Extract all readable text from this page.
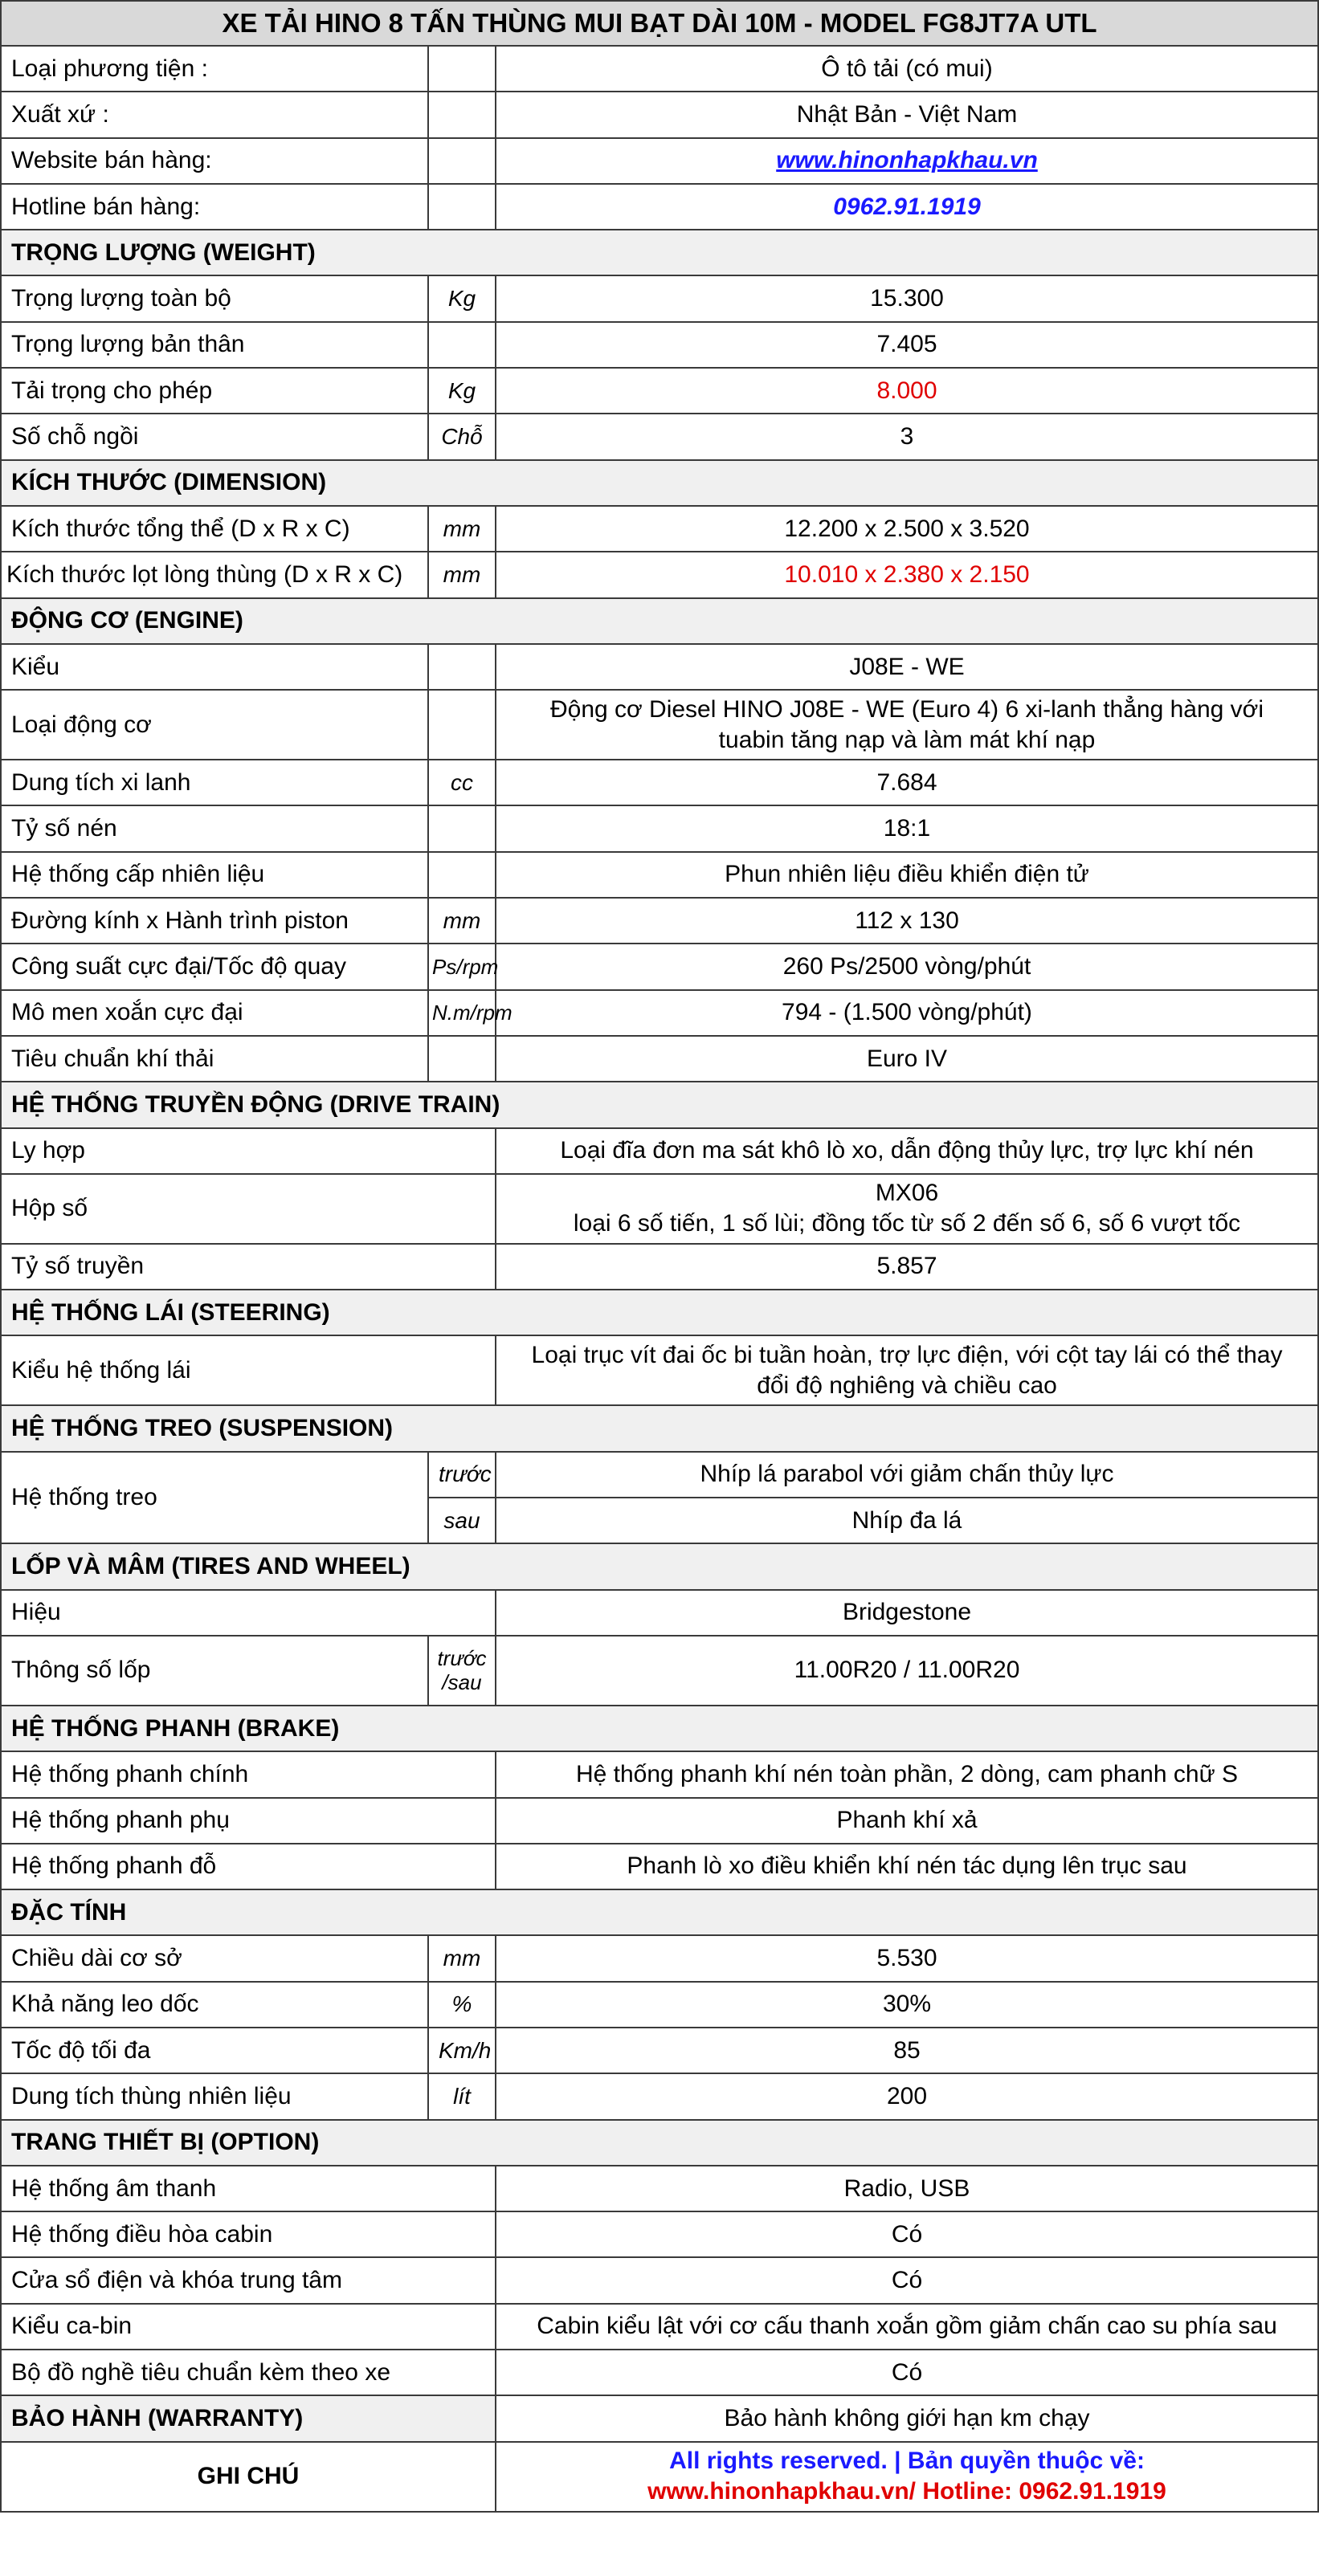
XE TẢI HINO 8 TẤN THÙNG MUI BẠT DÀI 10M - MODEL FG8JT7A UTL		
Loại phương tiện :		Ô tô tải (có mui)
Xuất xứ :		Nhật Bản - Việt Nam
Website bán hàng:		www.hinonhapkhau.vn
Hotline bán hàng:		0962.91.1919
TRỌNG LƯỢNG (WEIGHT)		
Trọng lượng toàn bộ	Kg	15.300
Trọng lượng bản thân		7.405
Tải trọng cho phép	Kg	8.000
Số chỗ ngồi	Chỗ	3
KÍCH THƯỚC (DIMENSION)		
Kích thước tổng thể (D x R x C)	mm	12.200 x 2.500 x 3.520
Kích thước lọt lòng thùng (D x R x C)	mm	10.010 x 2.380 x 2.150
ĐỘNG CƠ (ENGINE)		
Kiểu		J08E - WE
Loại động cơ		Động cơ Diesel HINO J08E - WE (Euro 4) 6 xi-lanh thẳng hàng với
tuabin tăng nạp và làm mát khí nạp

Dung tích xi lanh	cc	7.684
Tỷ số nén		18:1
Hệ thống cấp nhiên liệu		Phun nhiên liệu điều khiển điện tử
Đường kính x Hành trình piston	mm	112 x 130
Công suất cực đại/Tốc độ quay	Ps/rpm	260 Ps/2500 vòng/phút
Mô men xoắn cực đại	N.m/rpm	794 - (1.500 vòng/phút)
Tiêu chuẩn khí thải		Euro IV
HỆ THỐNG TRUYỀN ĐỘNG (DRIVE TRAIN)		
Ly hợp		Loại đĩa đơn ma sát khô lò xo, dẫn động thủy lực, trợ lực khí nén
Hộp số		MX06
loại 6 số tiến, 1 số lùi; đồng tốc từ số 2 đến số 6, số 6 vượt tốc

Tỷ số truyền		5.857
HỆ THỐNG LÁI (STEERING)		
Kiểu hệ thống lái		Loại trục vít đai ốc bi tuần hoàn, trợ lực điện, với cột tay lái có thể thay
đổi độ nghiêng và chiều cao

HỆ THỐNG TREO (SUSPENSION)		
Hệ thống treo	trước	Nhíp lá parabol với giảm chấn thủy lực
	sau	Nhíp đa lá
LỐP VÀ MÂM (TIRES AND WHEEL)		
Hiệu		Bridgestone
Thông số lốp	trước /sau	11.00R20 / 11.00R20
HỆ THỐNG PHANH (BRAKE)		
Hệ thống phanh chính		Hệ thống phanh khí nén toàn phần, 2 dòng, cam phanh chữ S
Hệ thống phanh phụ		Phanh khí xả
Hệ thống phanh đỗ		Phanh lò xo điều khiển khí nén tác dụng lên trục sau
ĐẶC TÍNH		
Chiều dài cơ sở	mm	5.530
Khả năng leo dốc	%	30%
Tốc độ tối đa	Km/h	85
Dung tích thùng nhiên liệu	lít	200
TRANG THIẾT BỊ (OPTION)		
Hệ thống âm thanh		Radio, USB
Hệ thống điều hòa cabin		Có
Cửa sổ điện và khóa trung tâm		Có
Kiểu ca-bin		Cabin kiểu lật với cơ cấu thanh xoắn gồm giảm chấn cao su phía sau
Bộ đồ nghề tiêu chuẩn kèm theo xe		Có
BẢO HÀNH (WARRANTY)		Bảo hành không giới hạn km chạy
GHI CHÚ		All rights reserved. | Bản quyền thuộc về:
www.hinonhapkhau.vn/ Hotline: 0962.91.1919
